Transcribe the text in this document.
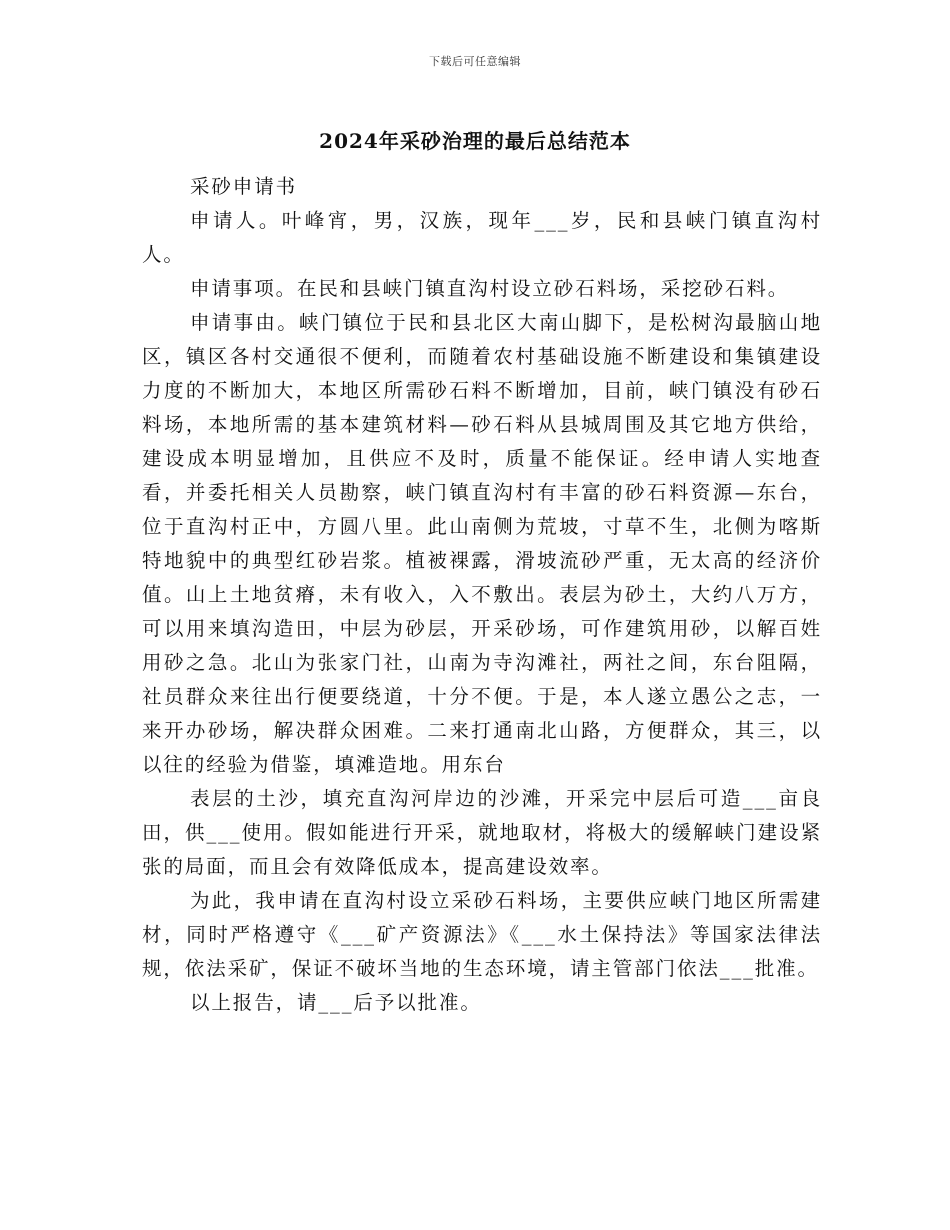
下载后可任意编辑
2024年采砂治理的最后总结范本

采砂申请书

申请人。叶峰宵，男，汉族，现年___岁，民和县峡门镇直沟村人。

申请事项。在民和县峡门镇直沟村设立砂石料场，采挖砂石料。

申请事由。峡门镇位于民和县北区大南山脚下，是松树沟最脑山地区，镇区各村交通很不便利，而随着农村基础设施不断建设和集镇建设力度的不断加大，本地区所需砂石料不断增加，目前，峡门镇没有砂石料场，本地所需的基本建筑材料—砂石料从县城周围及其它地方供给，建设成本明显增加，且供应不及时，质量不能保证。经申请人实地查看，并委托相关人员勘察，峡门镇直沟村有丰富的砂石料资源—东台，位于直沟村正中，方圆八里。此山南侧为荒坡，寸草不生，北侧为喀斯特地貌中的典型红砂岩浆。植被裸露，滑坡流砂严重，无太高的经济价值。山上土地贫瘠，未有收入，入不敷出。表层为砂土，大约八万方，可以用来填沟造田，中层为砂层，开采砂场，可作建筑用砂，以解百姓用砂之急。北山为张家门社，山南为寺沟滩社，两社之间，东台阻隔，社员群众来往出行便要绕道，十分不便。于是，本人遂立愚公之志，一来开办砂场，解决群众困难。二来打通南北山路，方便群众，其三，以以往的经验为借鉴，填滩造地。用东台

表层的土沙，填充直沟河岸边的沙滩，开采完中层后可造___亩良田，供___使用。假如能进行开采，就地取材，将极大的缓解峡门建设紧张的局面，而且会有效降低成本，提高建设效率。

为此，我申请在直沟村设立采砂石料场，主要供应峡门地区所需建材，同时严格遵守《___矿产资源法》《___水土保持法》等国家法律法规，依法采矿，保证不破坏当地的生态环境，请主管部门依法___批准。

以上报告，请___后予以批准。
